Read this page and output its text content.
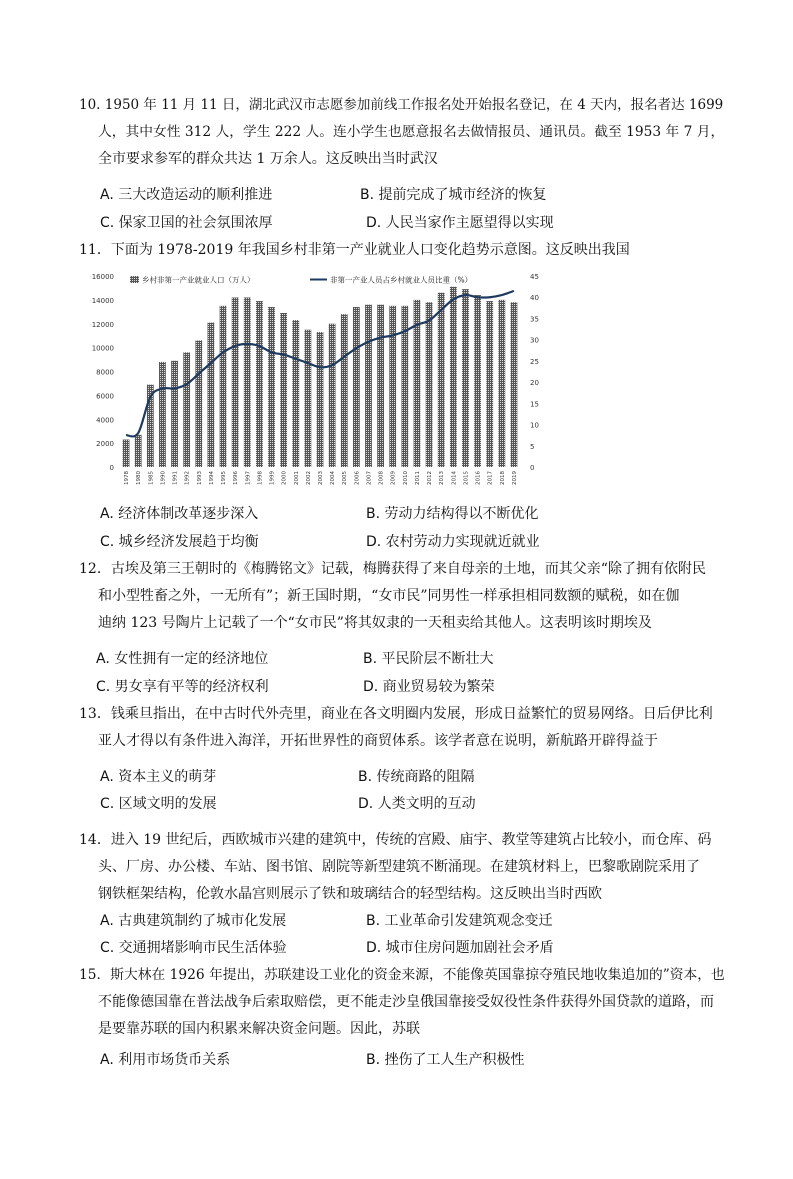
10. 1950 年 11 月 11 日，湖北武汉市志愿参加前线工作报名处开始报名登记，在 4 天内，报名者达 1699
人，其中女性 312 人，学生 222 人。连小学生也愿意报名去做情报员、通讯员。截至 1953 年 7 月，
全市要求参军的群众共达 1 万余人。这反映出当时武汉
A. 三大改造运动的顺利推进	B. 提前完成了城市经济的恢复
C. 保家卫国的社会氛围浓厚	D. 人民当家作主愿望得以实现
11．下面为 1978-2019 年我国乡村非第一产业就业人口变化趋势示意图。这反映出我国
0
2000
4000
6000
8000
10000
12000
14000
16000
0
5
10
15
20
25
30
35
40
45
1978 1980 1985 1990 1991 1992 1993 1994 1995 1996 1997 1998 1999 2000 2001 2002 2003 2004 2005 2006 2007 2008 2009 2010 2011 2012 2013 2014 2015 2016 2017 2018 2019
乡村非第一产业就业人口（万人）	非第一产业人员占乡村就业人员比重（%）
A. 经济体制改革逐步深入	B. 劳动力结构得以不断优化
C. 城乡经济发展趋于均衡	D. 农村劳动力实现就近就业
12．古埃及第三王朝时的《梅腾铭文》记载，梅腾获得了来自母亲的土地，而其父亲“除了拥有依附民
和小型牲畜之外，一无所有”；新王国时期，“女市民”同男性一样承担相同数额的赋税，如在伽
迪纳 123 号陶片上记载了一个“女市民”将其奴隶的一天租卖给其他人。这表明该时期埃及
A. 女性拥有一定的经济地位	B. 平民阶层不断壮大
C. 男女享有平等的经济权利	D. 商业贸易较为繁荣
13．钱乘旦指出，在中古时代外壳里，商业在各文明圈内发展，形成日益繁忙的贸易网络。日后伊比利
亚人才得以有条件进入海洋，开拓世界性的商贸体系。该学者意在说明，新航路开辟得益于
A. 资本主义的萌芽	B. 传统商路的阻隔
C. 区域文明的发展	D. 人类文明的互动
14．进入 19 世纪后，西欧城市兴建的建筑中，传统的宫殿、庙宇、教堂等建筑占比较小，而仓库、码
头、厂房、办公楼、车站、图书馆、剧院等新型建筑不断涌现。在建筑材料上，巴黎歌剧院采用了
钢铁框架结构，伦敦水晶宫则展示了铁和玻璃结合的轻型结构。这反映出当时西欧
A. 古典建筑制约了城市化发展	B. 工业革命引发建筑观念变迁
C. 交通拥堵影响市民生活体验	D. 城市住房问题加剧社会矛盾
15．斯大林在 1926 年提出，苏联建设工业化的资金来源，不能像英国靠掠夺殖民地收集追加的”资本，也
不能像德国靠在普法战争后索取赔偿，更不能走沙皇俄国靠接受奴役性条件获得外国贷款的道路，而
是要靠苏联的国内积累来解决资金问题。因此，苏联
A. 利用市场货币关系	B. 挫伤了工人生产积极性
